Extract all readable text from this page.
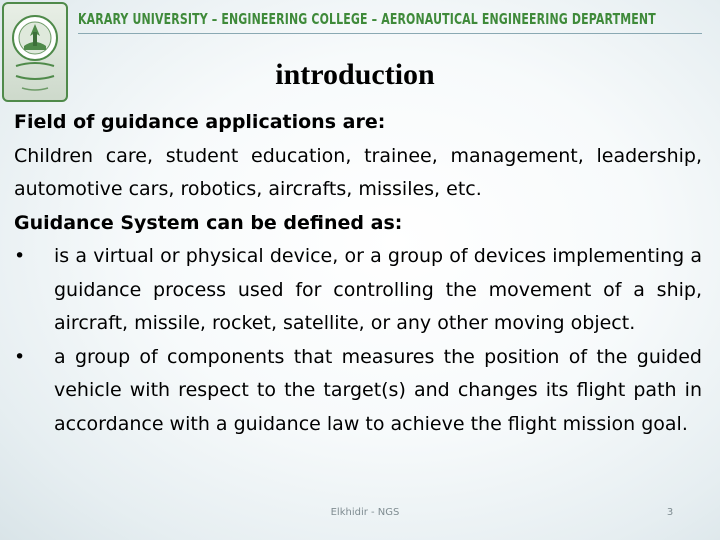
KARARY UNIVERSITY – ENGINEERING COLLEGE – AERONAUTICAL ENGINEERING DEPARTMENT
introduction

Field of guidance applications are:

Children care, student education, trainee, management, leadership, automotive cars, robotics, aircrafts, missiles, etc.

Guidance System can be defined as:

• is a virtual or physical device, or a group of devices implementing a guidance process used for controlling the movement of a ship, aircraft, missile, rocket, satellite, or any other moving object.
• a group of components that measures the position of the guided vehicle with respect to the target(s) and changes its flight path in accordance with a guidance law to achieve the flight mission goal.
Elkhidir - NGS	3
